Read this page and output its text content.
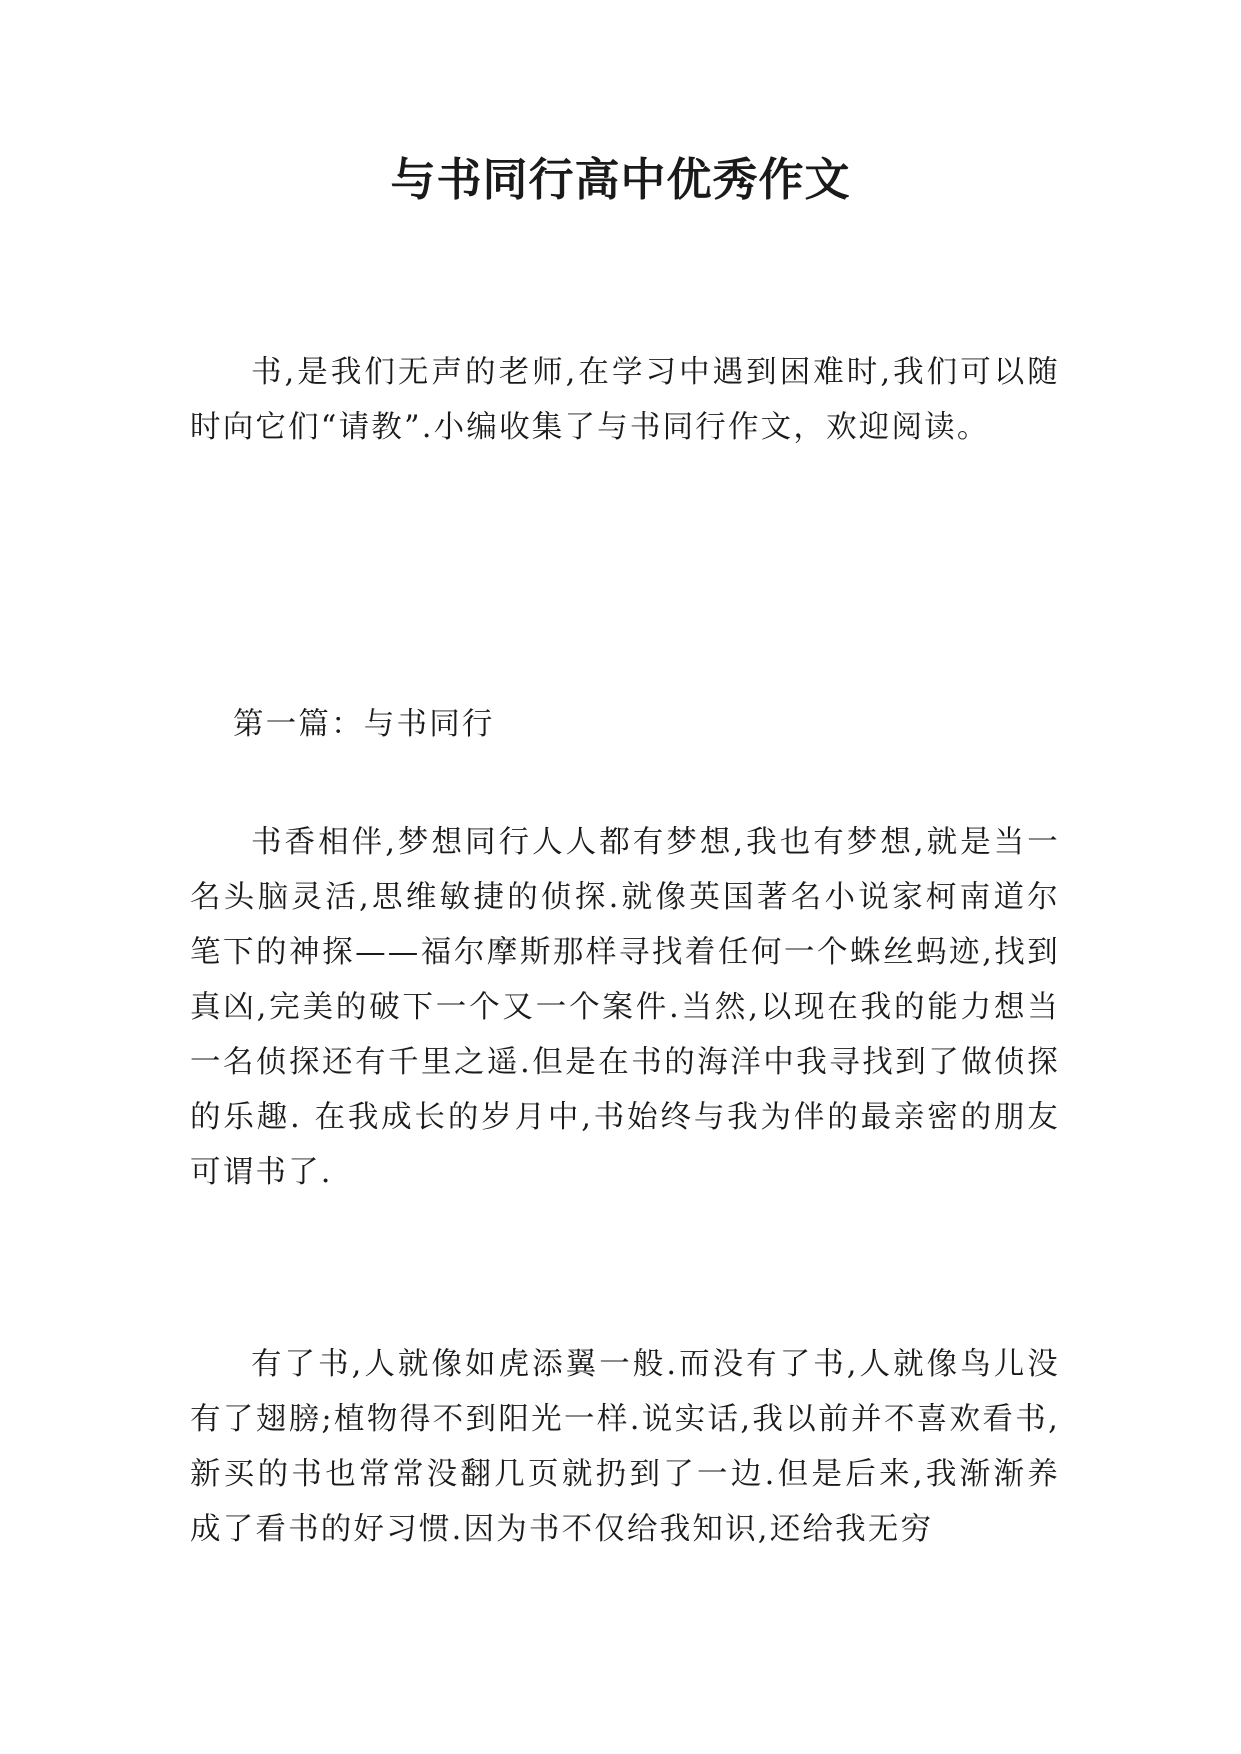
与书同行高中优秀作文
书,是我们无声的老师,在学习中遇到困难时,我们可以随时向它们“请教”.小编收集了与书同行作文，欢迎阅读。
第一篇：与书同行
书香相伴,梦想同行人人都有梦想,我也有梦想,就是当一名头脑灵活,思维敏捷的侦探.就像英国著名小说家柯南道尔笔下的神探——福尔摩斯那样寻找着任何一个蛛丝蚂迹,找到真凶,完美的破下一个又一个案件.当然,以现在我的能力想当一名侦探还有千里之遥.但是在书的海洋中我寻找到了做侦探的乐趣. 在我成长的岁月中,书始终与我为伴的最亲密的朋友可谓书了.
有了书,人就像如虎添翼一般.而没有了书,人就像鸟儿没有了翅膀;植物得不到阳光一样.说实话,我以前并不喜欢看书,新买的书也常常没翻几页就扔到了一边.但是后来,我渐渐养成了看书的好习惯.因为书不仅给我知识,还给我无穷
